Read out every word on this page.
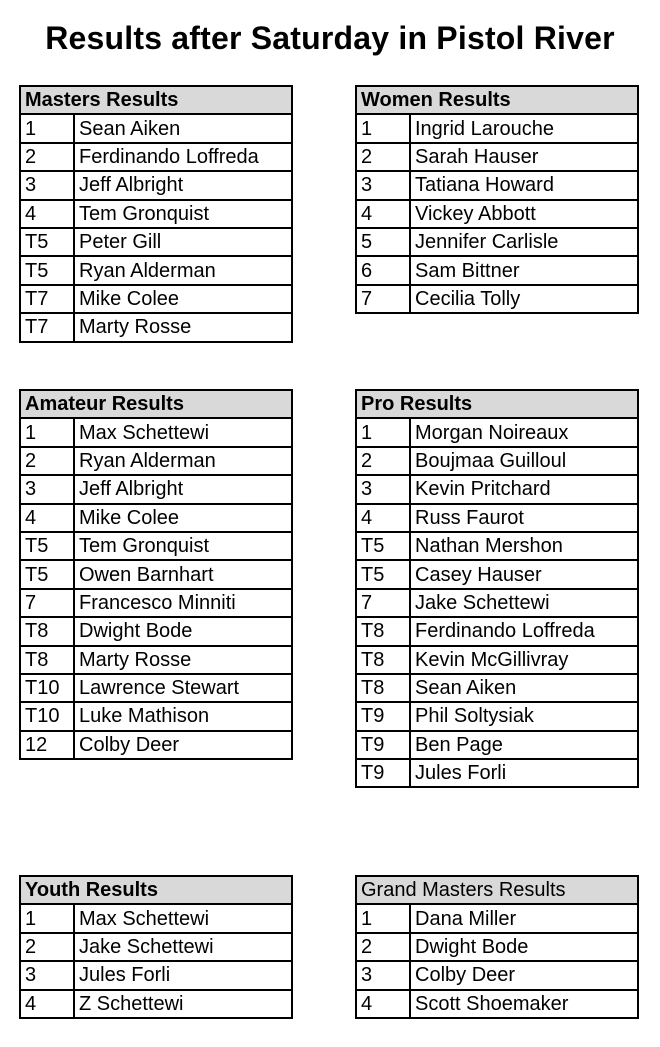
Results after Saturday in Pistol River
Masters Results	
1	Sean Aiken
2	Ferdinando Loffreda
3	Jeff Albright
4	Tem Gronquist
T5	Peter Gill
T5	Ryan Alderman
T7	Mike Colee
T7	Marty Rosse
Women Results	
1	Ingrid Larouche
2	Sarah Hauser
3	Tatiana Howard
4	Vickey Abbott
5	Jennifer Carlisle
6	Sam Bittner
7	Cecilia Tolly
Amateur Results	
1	Max Schettewi
2	Ryan Alderman
3	Jeff Albright
4	Mike Colee
T5	Tem Gronquist
T5	Owen Barnhart
7	Francesco Minniti
T8	Dwight Bode
T8	Marty Rosse
T10	Lawrence Stewart
T10	Luke Mathison
12	Colby Deer
Pro Results	
1	Morgan Noireaux
2	Boujmaa Guilloul
3	Kevin Pritchard
4	Russ Faurot
T5	Nathan Mershon
T5	Casey Hauser
7	Jake Schettewi
T8	Ferdinando Loffreda
T8	Kevin McGillivray
T8	Sean Aiken
T9	Phil Soltysiak
T9	Ben Page
T9	Jules Forli
Youth Results	
1	Max Schettewi
2	Jake Schettewi
3	Jules Forli
4	Z Schettewi
Grand Masters Results	
1	Dana Miller
2	Dwight Bode
3	Colby Deer
4	Scott Shoemaker
